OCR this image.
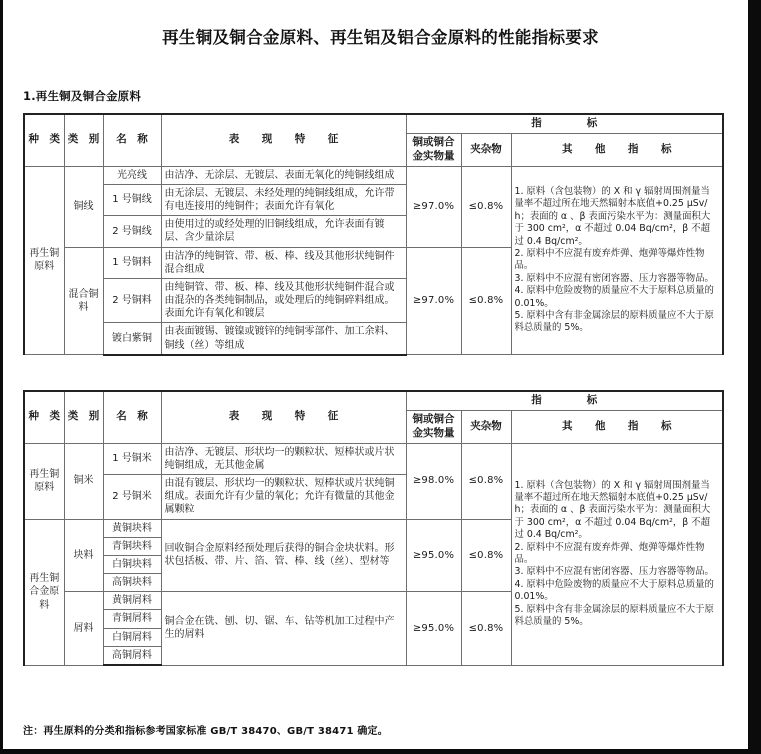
再生铜及铜合金原料、再生铝及铝合金原料的性能指标要求
1.再生铜及铜合金原料
种　类	类　别	名　称	表　现　特　征	指　　标		
				铜或铜合金实物量	夹杂物	其　他　指　标
再生铜原料	铜线	光亮线	由洁净、无涂层、无镀层、表面无氧化的纯铜线组成	≥97.0%	≤0.8%	1. 原料（含包装物）的 X 和 γ 辐射周围剂量当量率不超过所在地天然辐射本底值+0.25 μSv/h；表面的 α 、β 表面污染水平为：测量面积大于 300 cm²，α 不超过 0.04 Bq/cm²，β 不超过 0.4 Bq/cm²。

2. 原料中不应混有废弃炸弹、炮弹等爆炸性物品。

3. 原料中不应混有密闭容器、压力容器等物品。

4. 原料中危险废物的质量应不大于原料总质量的 0.01%。

5. 原料中含有非金属涂层的原料质量应不大于原料总质量的 5%。

		1 号铜线	由无涂层、无镀层、未经处理的纯铜线组成，允许带有电连接用的纯铜件；表面允许有氧化			
		2 号铜线	由使用过的或经处理的旧铜线组成，允许表面有镀层、含少量涂层			
	混合铜料	1 号铜料	由洁净的纯铜管、带、板、棒、线及其他形状纯铜件混合组成	≥97.0%	≤0.8%	
		2 号铜料	由纯铜管、带、板、棒、线及其他形状纯铜件混合或由混杂的各类纯铜制品，或处理后的纯铜碎料组成。表面允许有氧化和镀层			
		镀白紫铜	由表面镀锡、镀镍或镀锌的纯铜零部件、加工余料、铜线（丝）等组成			
种　类	类　别	名　称	表　现　特　征	指　　标		
				铜或铜合金实物量	夹杂物	其　他　指　标
再生铜原料	铜米	1 号铜米	由洁净、无镀层、形状均一的颗粒状、短棒状或片状纯铜组成，无其他金属	≥98.0%	≤0.8%	1. 原料（含包装物）的 X 和 γ 辐射周围剂量当量率不超过所在地天然辐射本底值+0.25 μSv/h；表面的 α 、β 表面污染水平为：测量面积大于 300 cm²，α 不超过 0.04 Bq/cm²，β 不超过 0.4 Bq/cm²。

2. 原料中不应混有废弃炸弹、炮弹等爆炸性物品。

3. 原料中不应混有密闭容器、压力容器等物品。

4. 原料中危险废物的质量应不大于原料总质量的 0.01%。

5. 原料中含有非金属涂层的原料质量应不大于原料总质量的 5%。

		2 号铜米	由混有镀层、形状均一的颗粒状、短棒状或片状纯铜组成。表面允许有少量的氧化；允许有微量的其他金属颗粒			
再生铜合金原料	块料	黄铜块料	回收铜合金原料经预处理后获得的铜合金块状料。形状包括板、带、片、箔、管、棒、线（丝）、型材等	≥95.0%	≤0.8%	
		青铜块料				
		白铜块料				
		高铜块料				
	屑料	黄铜屑料	铜合金在铣、刨、切、锯、车、钻等机加工过程中产生的屑料	≥95.0%	≤0.8%	
		青铜屑料				
		白铜屑料				
		高铜屑料				
注：再生原料的分类和指标参考国家标准 GB/T 38470、GB/T 38471 确定。
